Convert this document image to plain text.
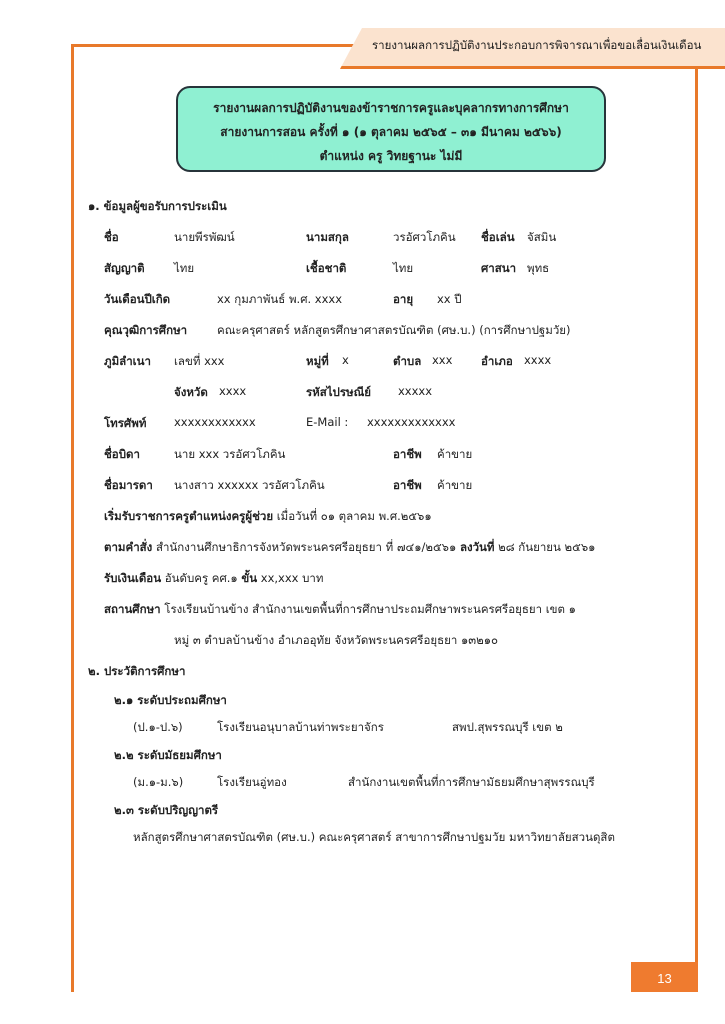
รายงานผลการปฏิบัติงานประกอบการพิจารณาเพื่อขอเลื่อนเงินเดือน
รายงานผลการปฏิบัติงานของข้าราชการครูและบุคลากรทางการศึกษา
สายงานการสอน ครั้งที่ ๑ (๑ ตุลาคม ๒๕๖๕ – ๓๑ มีนาคม ๒๕๖๖)
ตำแหน่ง ครู วิทยฐานะ ไม่มี
๑. ข้อมูลผู้ขอรับการประเมิน
ชื่อ	นายพีรพัฒน์	นามสกุล	วรอัศวโภคิน ชื่อเล่น จัสมิน
สัญญาติ	ไทย	เชื้อชาติ	ไทย	ศาสนา พุทธ
วันเดือนปีเกิด	xx กุมภาพันธ์ พ.ศ. xxxx	อายุ xx ปี
คุณวุฒิการศึกษา	คณะครุศาสตร์ หลักสูตรศึกษาศาสตรบัณฑิต (ศษ.บ.) (การศึกษาปฐมวัย)
ภูมิลำเนา เลขที่ xxx	หมู่ที่ x	ตำบล xxx อำเภอ xxxx
จังหวัด xxxx	รหัสไปรษณีย์ xxxxx
โทรศัพท์ xxxxxxxxxxxx	E-Mail : xxxxxxxxxxxxx
ชื่อบิดา	นาย xxx วรอัศวโภคิน	อาชีพ ค้าขาย
ชื่อมารดา นางสาว xxxxxx วรอัศวโภคิน	อาชีพ ค้าขาย
เริ่มรับราชการครูตำแหน่งครูผู้ช่วย เมื่อวันที่ ๐๑ ตุลาคม พ.ศ.๒๕๖๑
ตามคำสั่ง สำนักงานศึกษาธิการจังหวัดพระนครศรีอยุธยา ที่ ๗๔๑/๒๕๖๑ ลงวันที่ ๒๘ กันยายน ๒๕๖๑
รับเงินเดือน อันดับครู คศ.๑ ขั้น xx,xxx บาท
สถานศึกษา โรงเรียนบ้านข้าง สำนักงานเขตพื้นที่การศึกษาประถมศึกษาพระนครศรีอยุธยา เขต ๑
หมู่ ๓ ตำบลบ้านข้าง อำเภออุทัย จังหวัดพระนครศรีอยุธยา ๑๓๒๑๐
๒. ประวัติการศึกษา
๒.๑ ระดับประถมศึกษา
(ป.๑-ป.๖)	โรงเรียนอนุบาลบ้านท่าพระยาจักร	สพป.สุพรรณบุรี เขต ๒
๒.๒ ระดับมัธยมศึกษา
(ม.๑-ม.๖)	โรงเรียนอู่ทอง	สำนักงานเขตพื้นที่การศึกษามัธยมศึกษาสุพรรณบุรี
๒.๓ ระดับปริญญาตรี
หลักสูตรศึกษาศาสตรบัณฑิต (ศษ.บ.) คณะครุศาสตร์ สาขาการศึกษาปฐมวัย มหาวิทยาลัยสวนดุสิต
13
